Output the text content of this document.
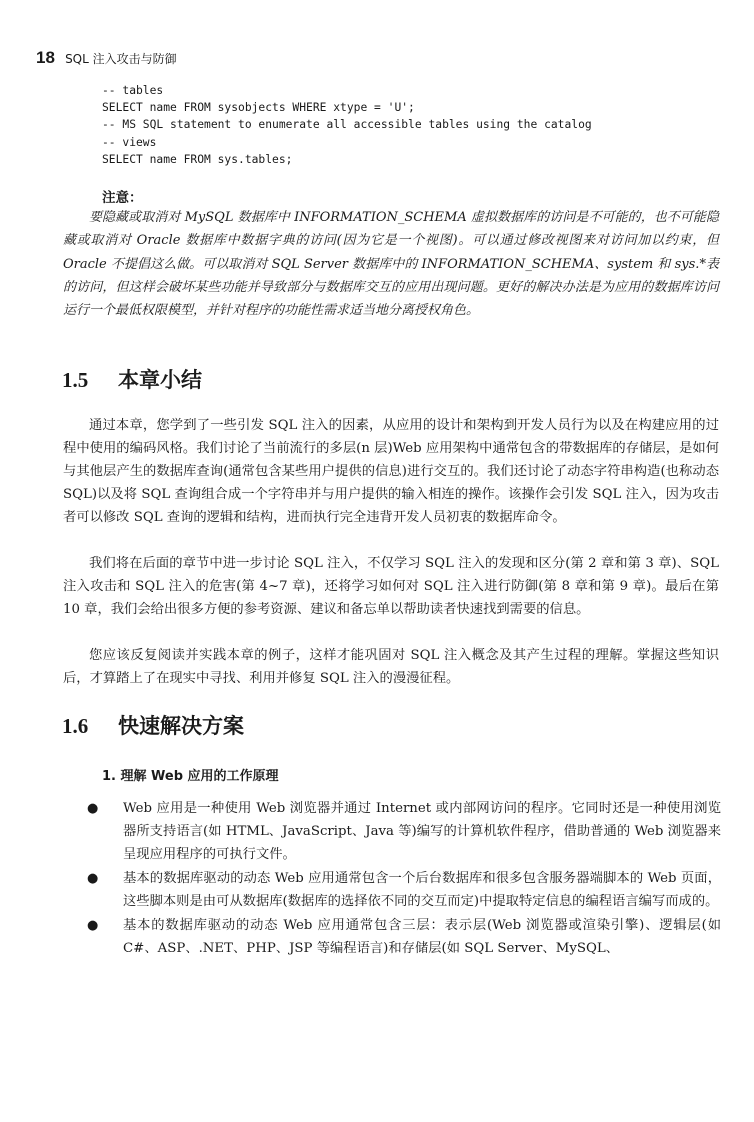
18 SQL 注入攻击与防御
-- tables
SELECT name FROM sysobjects WHERE xtype = 'U';
-- MS SQL statement to enumerate all accessible tables using the catalog
-- views
SELECT name FROM sys.tables;
注意：

要隐藏或取消对 MySQL 数据库中 INFORMATION_SCHEMA 虚拟数据库的访问是不可能的，也不可能隐藏或取消对 Oracle 数据库中数据字典的访问(因为它是一个视图)。可以通过修改视图来对访问加以约束，但 Oracle 不提倡这么做。可以取消对 SQL Server 数据库中的 INFORMATION_SCHEMA、system 和 sys.*表的访问，但这样会破坏某些功能并导致部分与数据库交互的应用出现问题。更好的解决办法是为应用的数据库访问运行一个最低权限模型，并针对程序的功能性需求适当地分离授权角色。

1.5 本章小结

通过本章，您学到了一些引发 SQL 注入的因素，从应用的设计和架构到开发人员行为以及在构建应用的过程中使用的编码风格。我们讨论了当前流行的多层(n 层)Web 应用架构中通常包含的带数据库的存储层，是如何与其他层产生的数据库查询(通常包含某些用户提供的信息)进行交互的。我们还讨论了动态字符串构造(也称动态 SQL)以及将 SQL 查询组合成一个字符串并与用户提供的输入相连的操作。该操作会引发 SQL 注入，因为攻击者可以修改 SQL 查询的逻辑和结构，进而执行完全违背开发人员初衷的数据库命令。

我们将在后面的章节中进一步讨论 SQL 注入，不仅学习 SQL 注入的发现和区分(第 2 章和第 3 章)、SQL 注入攻击和 SQL 注入的危害(第 4~7 章)，还将学习如何对 SQL 注入进行防御(第 8 章和第 9 章)。最后在第 10 章，我们会给出很多方便的参考资源、建议和备忘单以帮助读者快速找到需要的信息。

您应该反复阅读并实践本章的例子，这样才能巩固对 SQL 注入概念及其产生过程的理解。掌握这些知识后，才算踏上了在现实中寻找、利用并修复 SQL 注入的漫漫征程。

1.6 快速解决方案
1. 理解 Web 应用的工作原理
● Web 应用是一种使用 Web 浏览器并通过 Internet 或内部网访问的程序。它同时还是一种使用浏览器所支持语言(如 HTML、JavaScript、Java 等)编写的计算机软件程序，借助普通的 Web 浏览器来呈现应用程序的可执行文件。
● 基本的数据库驱动的动态 Web 应用通常包含一个后台数据库和很多包含服务器端脚本的 Web 页面，这些脚本则是由可从数据库(数据库的选择依不同的交互而定)中提取特定信息的编程语言编写而成的。
● 基本的数据库驱动的动态 Web 应用通常包含三层：表示层(Web 浏览器或渲染引擎)、逻辑层(如 C#、ASP、.NET、PHP、JSP 等编程语言)和存储层(如 SQL Server、MySQL、
